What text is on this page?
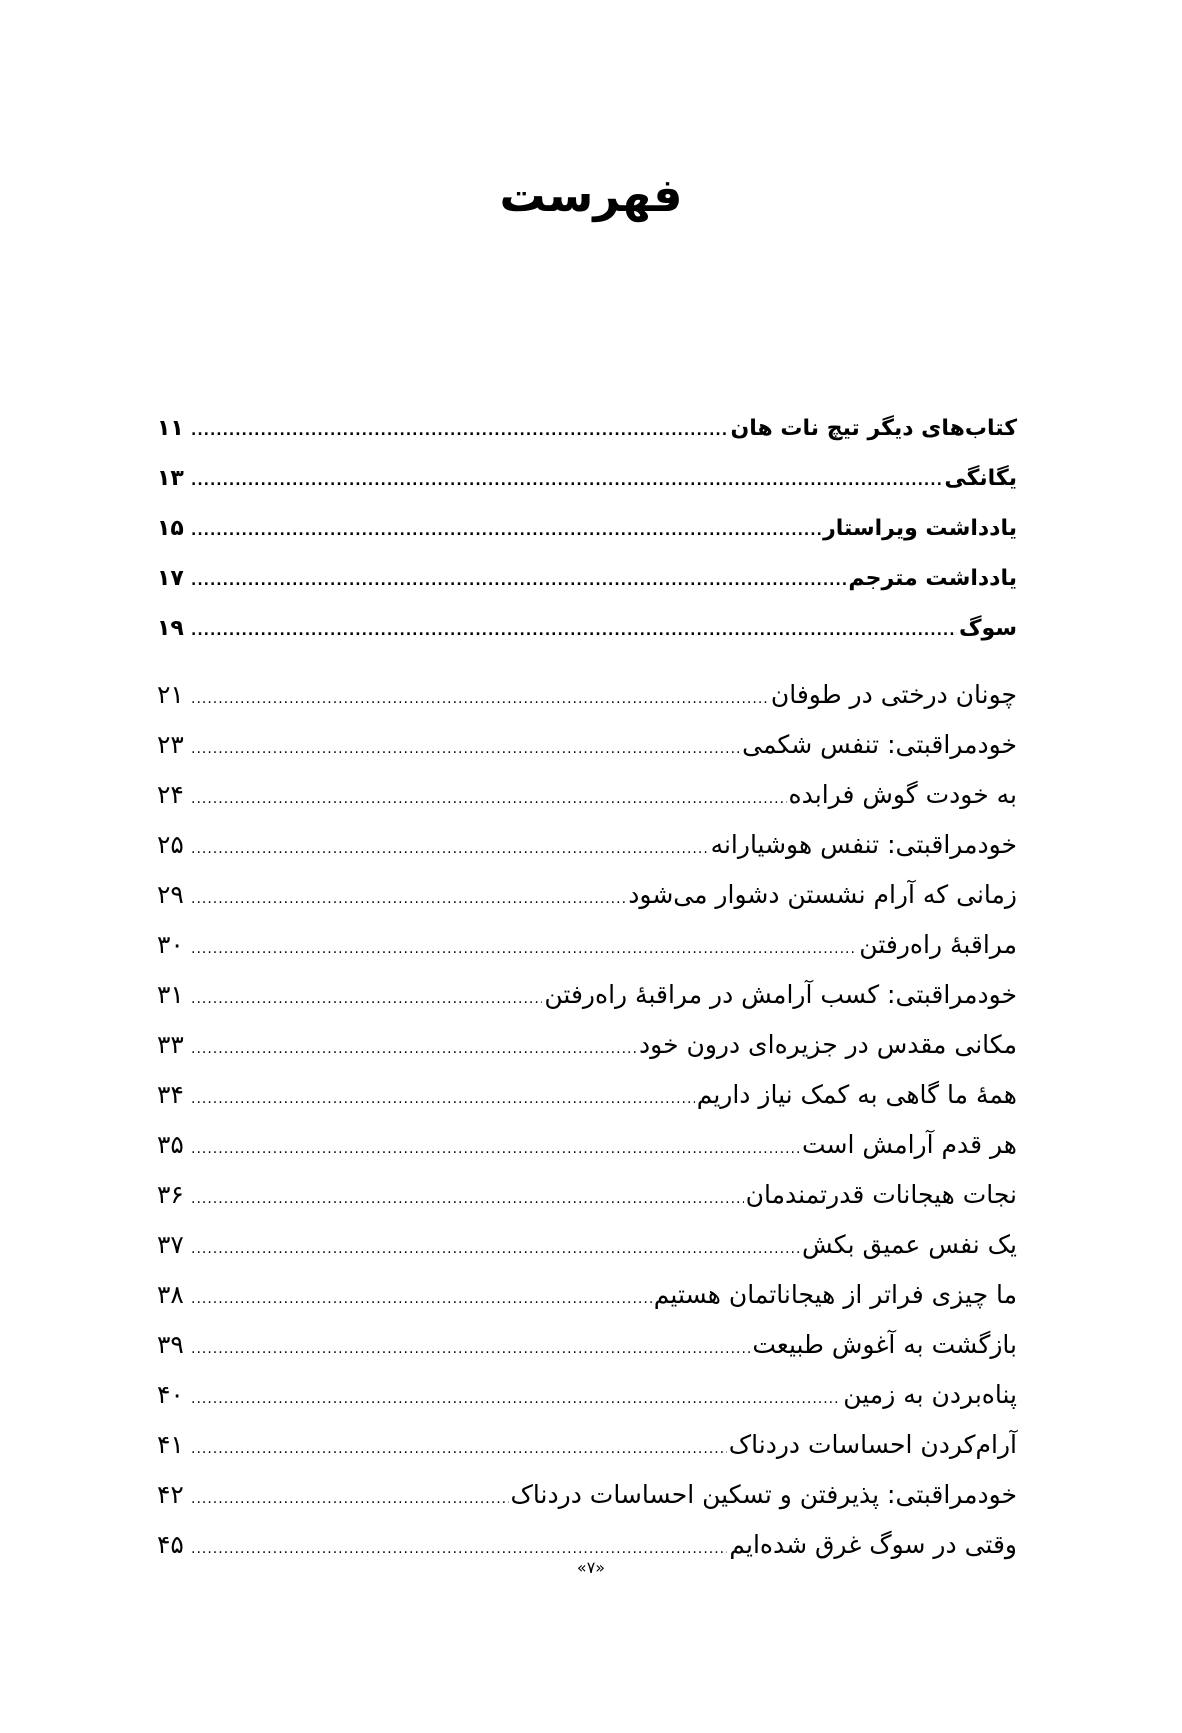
فهرست
کتاب‌های دیگر تیچ نات هان
.....
۱۱
یگانگی
.....
۱۳
یادداشت ویراستار
.....
۱۵
یادداشت مترجم
.....
۱۷
سوگ
.....
۱۹
چونان درختی در طوفان
.....
۲۱
خودمراقبتی: تنفس شکمی
.....
۲۳
به خودت گوش فرابده
.....
۲۴
خودمراقبتی: تنفس هوشیارانه
.....
۲۵
زمانی که آرام نشستن دشوار می‌شود
.....
۲۹
مراقبهٔ راه‌رفتن
.....
۳۰
خودمراقبتی: کسب آرامش در مراقبهٔ راه‌رفتن
.....
۳۱
مکانی مقدس در جزیره‌ای درون خود
.....
۳۳
همهٔ ما گاهی به کمک نیاز داریم
.....
۳۴
هر قدم آرامش است
.....
۳۵
نجات هیجانات قدرتمندمان
.....
۳۶
یک نفس عمیق بکش
.....
۳۷
ما چیزی فراتر از هیجاناتمان هستیم
.....
۳۸
بازگشت به آغوش طبیعت
.....
۳۹
پناه‌بردن به زمین
.....
۴۰
آرام‌کردن احساسات دردناک
.....
۴۱
خودمراقبتی: پذیرفتن و تسکین احساسات دردناک
.....
۴۲
وقتی در سوگ غرق شده‌ایم
.....
۴۵
«۷»
